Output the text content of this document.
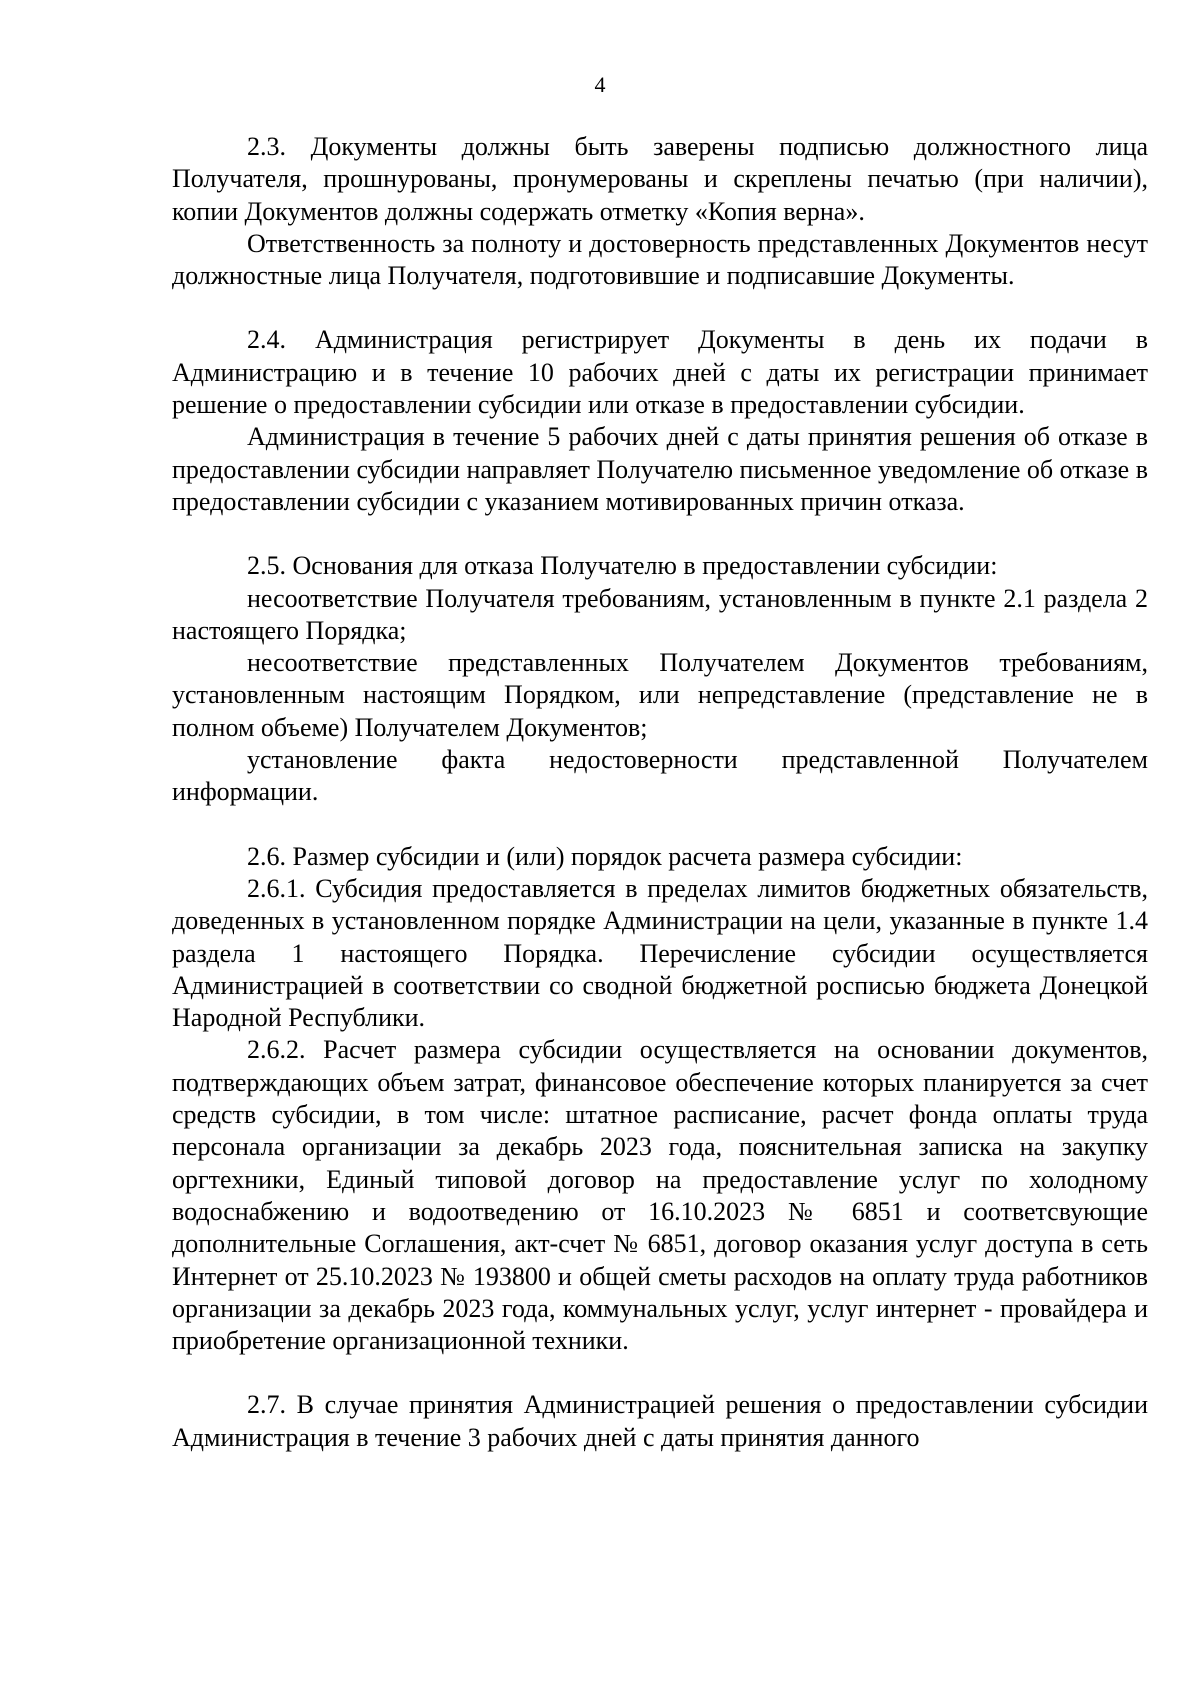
4

2.3. Документы должны быть заверены подписью должностного лица Получателя, прошнурованы, пронумерованы и скреплены печатью (при наличии), копии Документов должны содержать отметку «Копия верна».

Ответственность за полноту и достоверность представленных Документов несут должностные лица Получателя, подготовившие и подписавшие Документы.

2.4. Администрация регистрирует Документы в день их подачи в Администрацию и в течение 10 рабочих дней с даты их регистрации принимает решение о предоставлении субсидии или отказе в предоставлении субсидии.

Администрация в течение 5 рабочих дней с даты принятия решения об отказе в предоставлении субсидии направляет Получателю письменное уведомление об отказе в предоставлении субсидии с указанием мотивированных причин отказа.

2.5. Основания для отказа Получателю в предоставлении субсидии:

несоответствие Получателя требованиям, установленным в пункте 2.1 раздела 2 настоящего Порядка;

несоответствие представленных Получателем Документов требованиям, установленным настоящим Порядком, или непредставление (представление не в полном объеме) Получателем Документов;

установление факта недостоверности представленной Получателем информации.

2.6. Размер субсидии и (или) порядок расчета размера субсидии:

2.6.1. Субсидия предоставляется в пределах лимитов бюджетных обязательств, доведенных в установленном порядке Администрации на цели, указанные в пункте 1.4 раздела 1 настоящего Порядка. Перечисление субсидии осуществляется Администрацией в соответствии со сводной бюджетной росписью бюджета Донецкой Народной Республики.

2.6.2. Расчет размера субсидии осуществляется на основании документов, подтверждающих объем затрат, финансовое обеспечение которых планируется за счет средств субсидии, в том числе: штатное расписание, расчет фонда оплаты труда персонала организации за декабрь 2023 года, пояснительная записка на закупку оргтехники, Единый типовой договор на предоставление услуг по холодному водоснабжению и водоотведению от 16.10.2023 № 6851 и соответсвующие дополнительные Соглашения, акт-счет № 6851, договор оказания услуг доступа в сеть Интернет от 25.10.2023 № 193800 и общей сметы расходов на оплату труда работников организации за декабрь 2023 года, коммунальных услуг, услуг интернет - провайдера и приобретение организационной техники.

2.7. В случае принятия Администрацией решения о предоставлении субсидии Администрация в течение 3 рабочих дней с даты принятия данного
